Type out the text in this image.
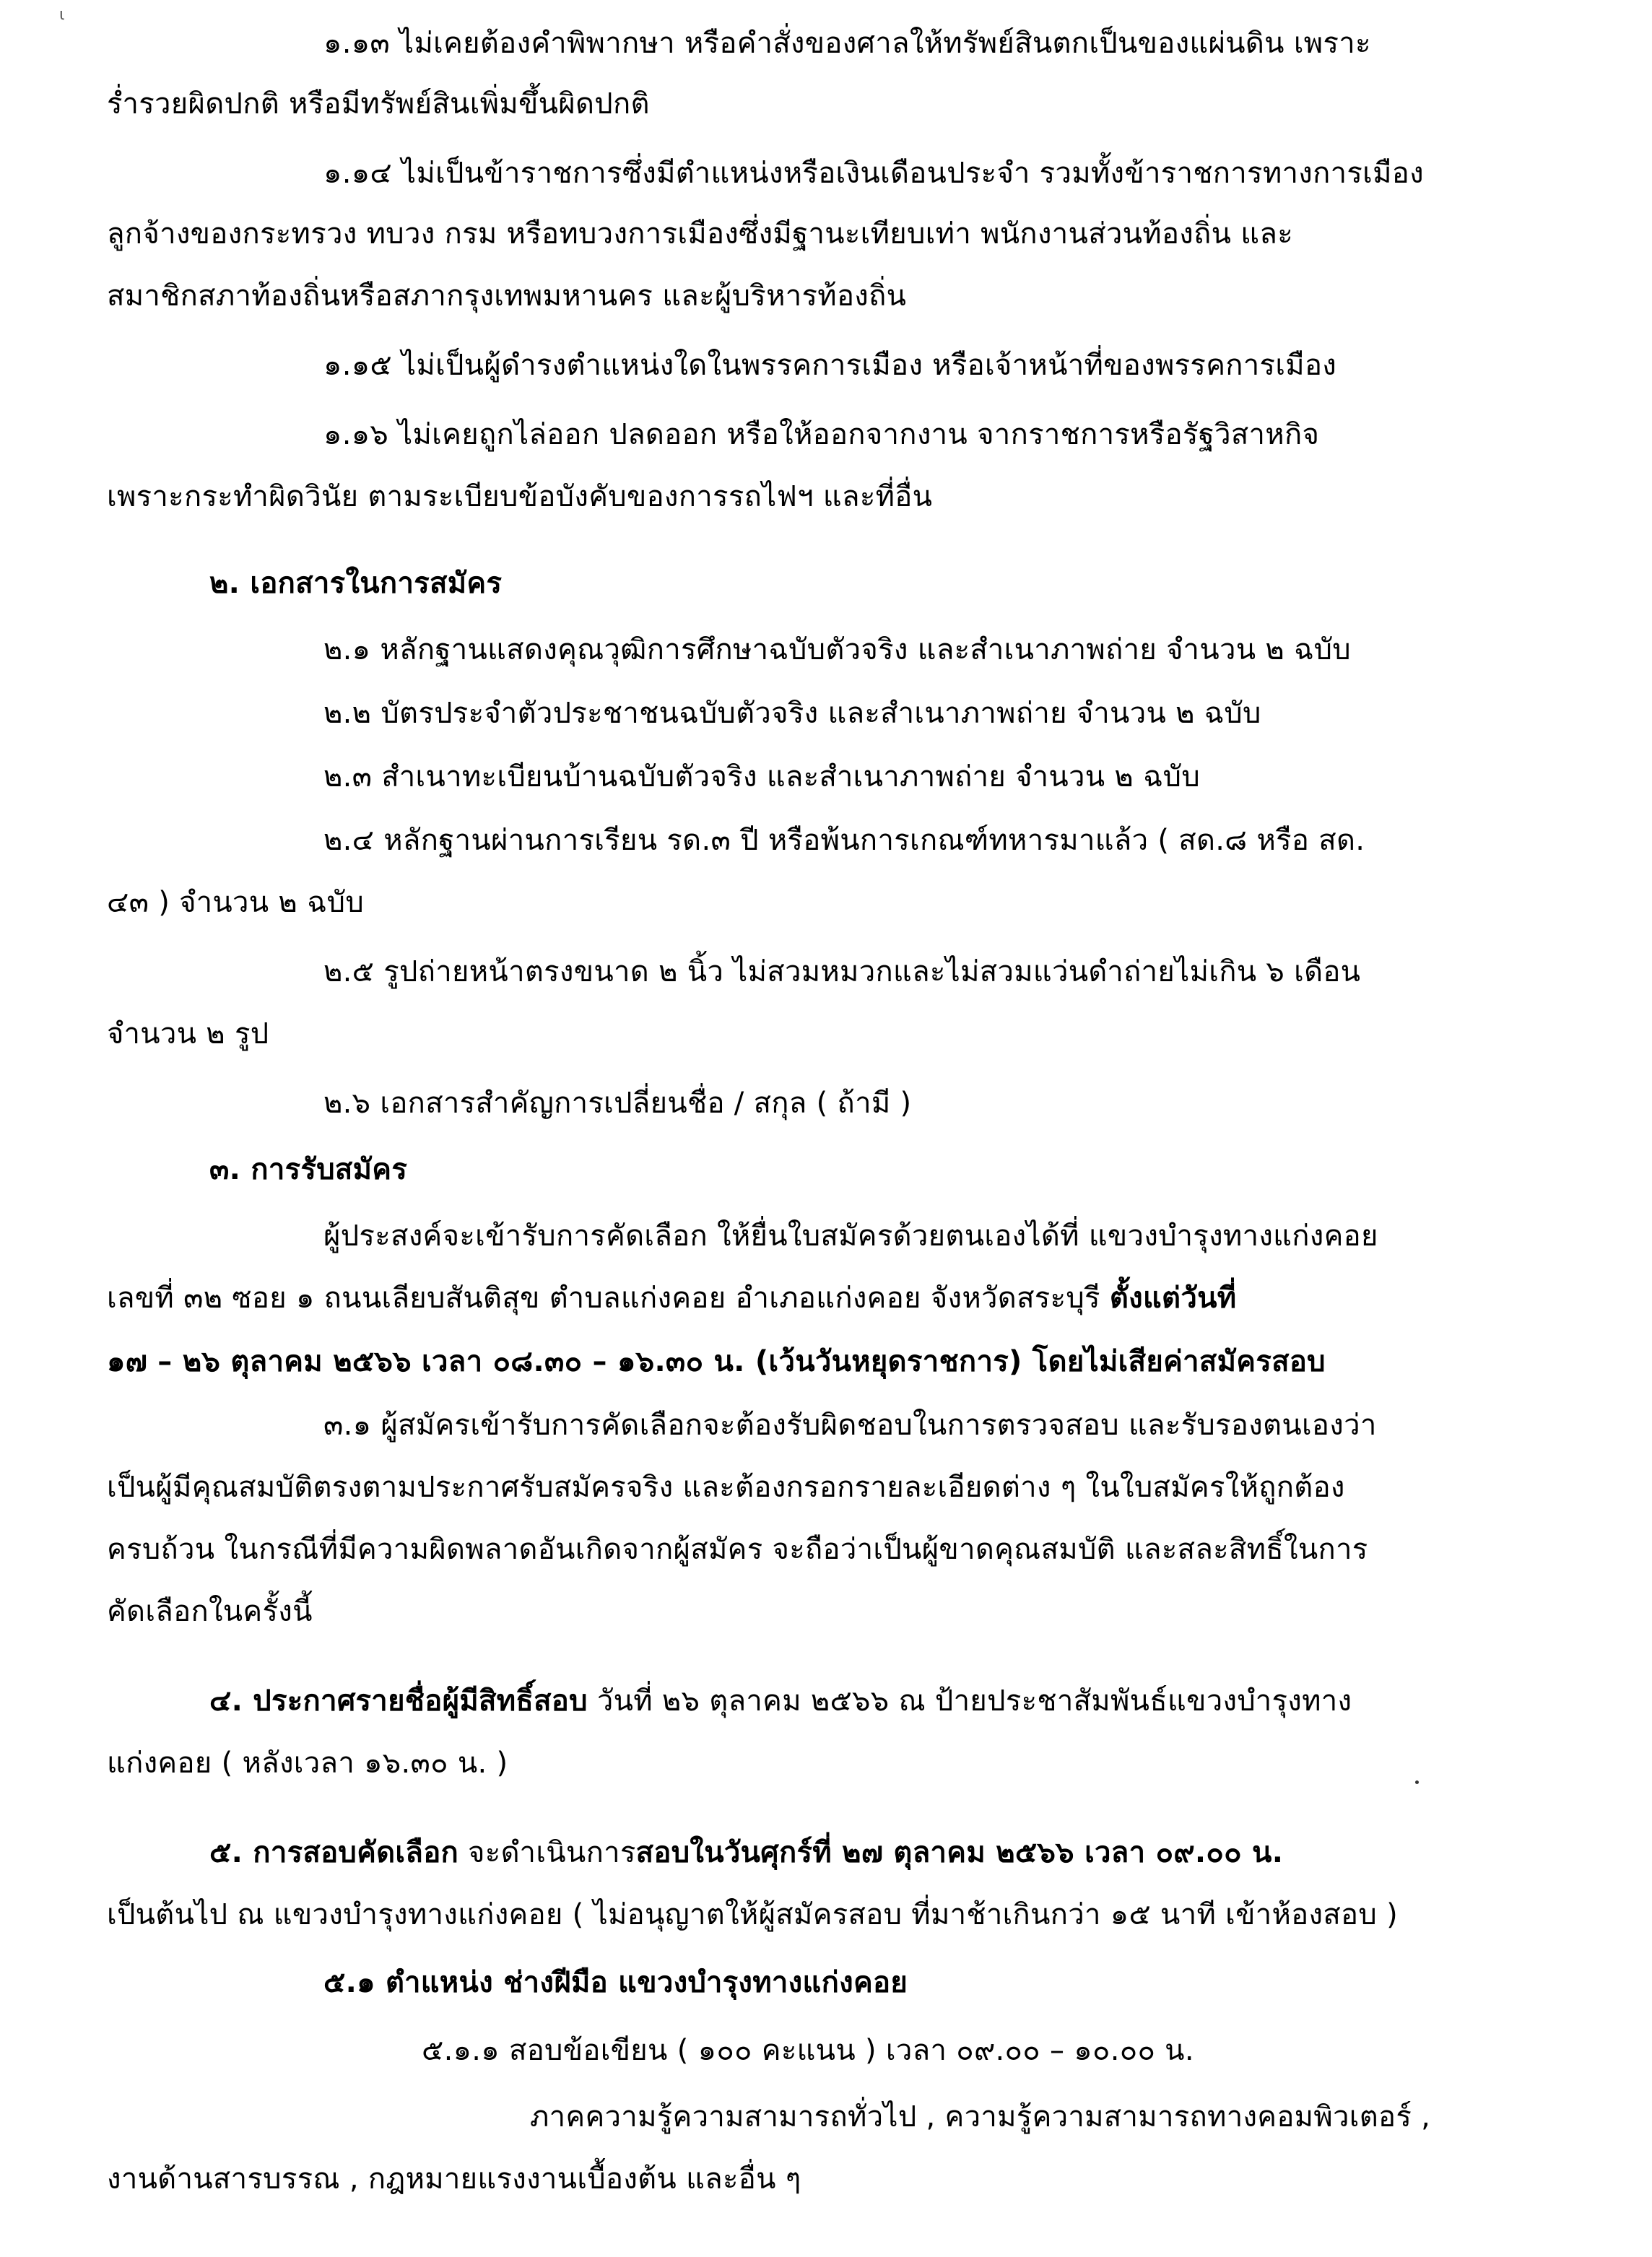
ι
๑.๑๓ ไม่เคยต้องคำพิพากษา หรือคำสั่งของศาลให้ทรัพย์สินตกเป็นของแผ่นดิน เพราะ
ร่ำรวยผิดปกติ หรือมีทรัพย์สินเพิ่มขึ้นผิดปกติ
๑.๑๔ ไม่เป็นข้าราชการซึ่งมีตำแหน่งหรือเงินเดือนประจำ รวมทั้งข้าราชการทางการเมือง
ลูกจ้างของกระทรวง ทบวง กรม หรือทบวงการเมืองซึ่งมีฐานะเทียบเท่า พนักงานส่วนท้องถิ่น และ
สมาชิกสภาท้องถิ่นหรือสภากรุงเทพมหานคร และผู้บริหารท้องถิ่น
๑.๑๕ ไม่เป็นผู้ดำรงตำแหน่งใดในพรรคการเมือง หรือเจ้าหน้าที่ของพรรคการเมือง
๑.๑๖ ไม่เคยถูกไล่ออก ปลดออก หรือให้ออกจากงาน จากราชการหรือรัฐวิสาหกิจ
เพราะกระทำผิดวินัย ตามระเบียบข้อบังคับของการรถไฟฯ และที่อื่น
๒. เอกสารในการสมัคร
๒.๑ หลักฐานแสดงคุณวุฒิการศึกษาฉบับตัวจริง และสำเนาภาพถ่าย จำนวน ๒ ฉบับ
๒.๒ บัตรประจำตัวประชาชนฉบับตัวจริง และสำเนาภาพถ่าย จำนวน ๒ ฉบับ
๒.๓ สำเนาทะเบียนบ้านฉบับตัวจริง และสำเนาภาพถ่าย จำนวน ๒ ฉบับ
๒.๔ หลักฐานผ่านการเรียน รด.๓ ปี หรือพ้นการเกณฑ์ทหารมาแล้ว ( สด.๘ หรือ สด.
๔๓ ) จำนวน ๒ ฉบับ
๒.๕ รูปถ่ายหน้าตรงขนาด ๒ นิ้ว ไม่สวมหมวกและไม่สวมแว่นดำถ่ายไม่เกิน ๖ เดือน
จำนวน ๒ รูป
๒.๖ เอกสารสำคัญการเปลี่ยนชื่อ / สกุล ( ถ้ามี )
๓. การรับสมัคร
ผู้ประสงค์จะเข้ารับการคัดเลือก ให้ยื่นใบสมัครด้วยตนเองได้ที่ แขวงบำรุงทางแก่งคอย
เลขที่ ๓๒ ซอย ๑ ถนนเลียบสันติสุข ตำบลแก่งคอย อำเภอแก่งคอย จังหวัดสระบุรี ตั้งแต่วันที่
๑๗ – ๒๖ ตุลาคม ๒๕๖๖ เวลา ๐๘.๓๐ – ๑๖.๓๐ น. (เว้นวันหยุดราชการ) โดยไม่เสียค่าสมัครสอบ
๓.๑ ผู้สมัครเข้ารับการคัดเลือกจะต้องรับผิดชอบในการตรวจสอบ และรับรองตนเองว่า
เป็นผู้มีคุณสมบัติตรงตามประกาศรับสมัครจริง และต้องกรอกรายละเอียดต่าง ๆ ในใบสมัครให้ถูกต้อง
ครบถ้วน ในกรณีที่มีความผิดพลาดอันเกิดจากผู้สมัคร จะถือว่าเป็นผู้ขาดคุณสมบัติ และสละสิทธิ์ในการ
คัดเลือกในครั้งนี้
๔. ประกาศรายชื่อผู้มีสิทธิ์สอบ วันที่ ๒๖ ตุลาคม ๒๕๖๖ ณ ป้ายประชาสัมพันธ์แขวงบำรุงทาง
แก่งคอย ( หลังเวลา ๑๖.๓๐ น. )
๕. การสอบคัดเลือก จะดำเนินการสอบในวันศุกร์ที่ ๒๗ ตุลาคม ๒๕๖๖ เวลา ๐๙.๐๐ น.
เป็นต้นไป ณ แขวงบำรุงทางแก่งคอย ( ไม่อนุญาตให้ผู้สมัครสอบ ที่มาช้าเกินกว่า ๑๕ นาที เข้าห้องสอบ )
๕.๑ ตำแหน่ง ช่างฝีมือ แขวงบำรุงทางแก่งคอย
๕.๑.๑ สอบข้อเขียน ( ๑๐๐ คะแนน ) เวลา ๐๙.๐๐ – ๑๐.๐๐ น.
ภาคความรู้ความสามารถทั่วไป , ความรู้ความสามารถทางคอมพิวเตอร์ ,
งานด้านสารบรรณ , กฎหมายแรงงานเบื้องต้น และอื่น ๆ
